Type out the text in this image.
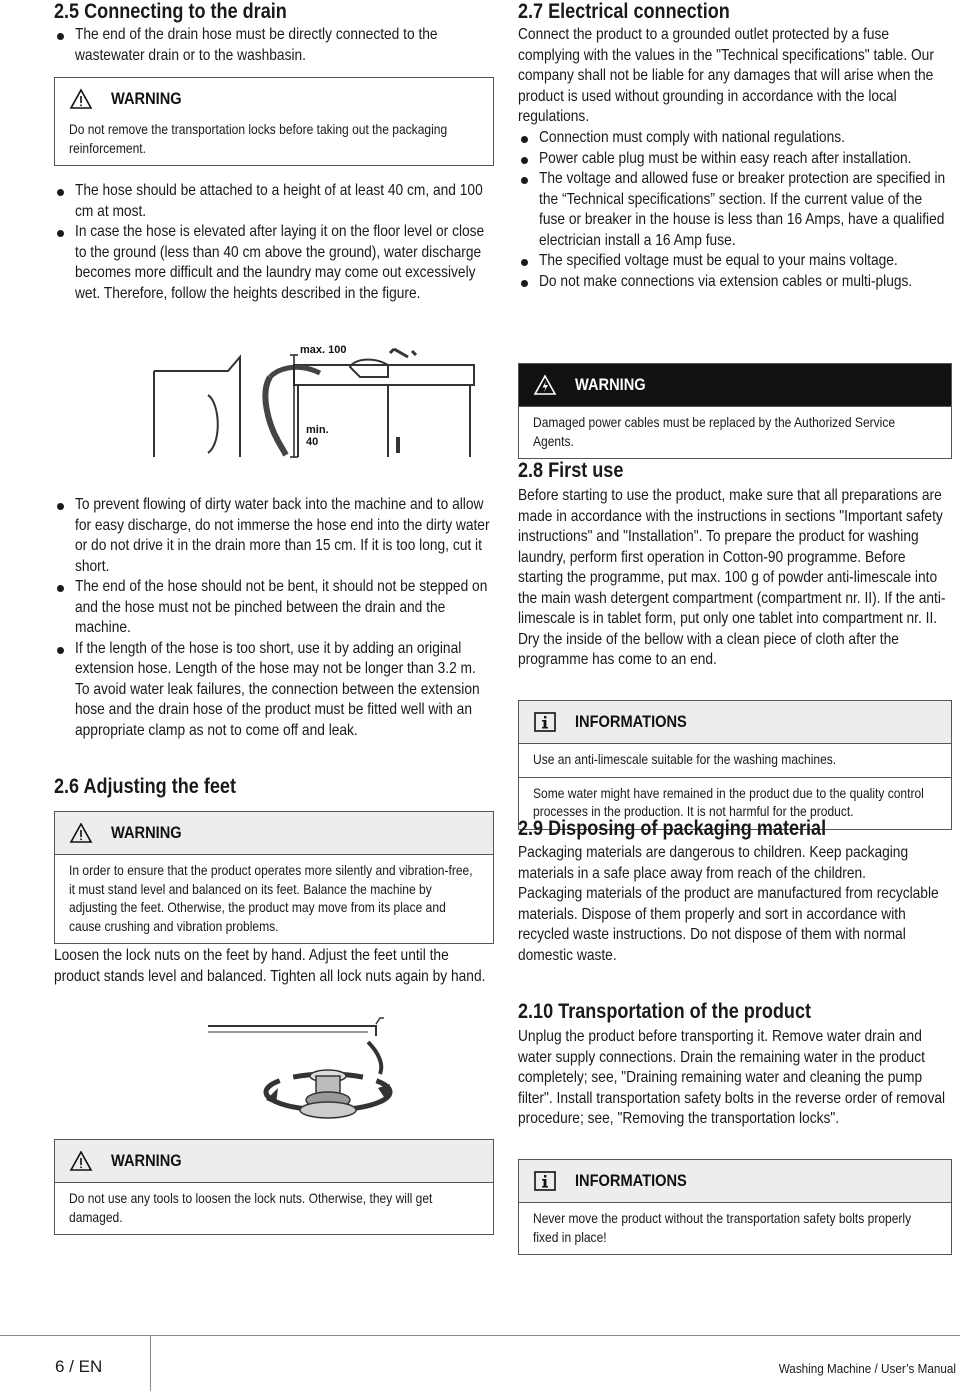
2.5 Connecting to the drain
The end of the drain hose must be directly connected to the wastewater drain or to the washbasin.
WARNING
Do not remove the transportation locks before taking out the packaging reinforcement.
The hose should be attached to a height of at least 40 cm, and 100 cm at most.
In case the hose is elevated after laying it on the floor level or close to the ground (less than 40 cm above the ground), water discharge becomes more difficult and the laundry may come out excessively wet. Therefore, follow the heights described in the figure.
max. 100
min.
40
To prevent flowing of dirty water back into the machine and to allow for easy discharge, do not immerse the hose end into the dirty water or do not drive it in the drain more than 15 cm. If it is too long, cut it short.
The end of the hose should not be bent, it should not be stepped on and the hose must not be pinched between the drain and the machine.
If the length of the hose is too short, use it by adding an original extension hose. Length of the hose may not be longer than 3.2 m. To avoid water leak failures, the connection between the extension hose and the drain hose of the product must be fitted well with an appropriate clamp as not to come off and leak.
2.6 Adjusting the feet
WARNING
In order to ensure that the product operates more silently and vibration-free, it must stand level and balanced on its feet. Balance the machine by adjusting the feet. Otherwise, the product may move from its place and cause crushing and vibration problems.

Loosen the lock nuts on the feet by hand. Adjust the feet until the product stands level and balanced. Tighten all lock nuts again by hand.

WARNING
Do not use any tools to loosen the lock nuts. Otherwise, they will get damaged.
2.7 Electrical connection

Connect the product to a grounded outlet protected by a fuse complying with the values in the "Technical specifications" table. Our company shall not be liable for any damages that will arise when the product is used without grounding in accordance with the local regulations.

Connection must comply with national regulations.
Power cable plug must be within easy reach after installation.
The voltage and allowed fuse or breaker protection are specified in the “Technical specifications” section. If the current value of the fuse or breaker in the house is less than 16 Amps, have a qualified electrician install a 16 Amp fuse.
The specified voltage must be equal to your mains voltage.
Do not make connections via extension cables or multi-plugs.
WARNING
Damaged power cables must be replaced by the Authorized Service Agents.
2.8 First use

Before starting to use the product, make sure that all preparations are made in accordance with the instructions in sections "Important safety instructions" and "Installation". To prepare the product for washing laundry, perform first operation in Cotton-90 programme. Before starting the programme, put max. 100 g of powder anti-limescale into the main wash detergent compartment (compartment nr. II). If the anti-limescale is in tablet form, put only one tablet into compartment nr. II. Dry the inside of the bellow with a clean piece of cloth after the programme has come to an end.

INFORMATIONS
Use an anti-limescale suitable for the washing machines.
Some water might have remained in the product due to the quality control processes in the production. It is not harmful for the product.
2.9 Disposing of packaging material

Packaging materials are dangerous to children. Keep packaging materials in a safe place away from reach of the children.

Packaging materials of the product are manufactured from recyclable materials. Dispose of them properly and sort in accordance with recycled waste instructions. Do not dispose of them with normal domestic waste.

2.10 Transportation of the product

Unplug the product before transporting it. Remove water drain and water supply connections. Drain the remaining water in the product completely; see, "Draining remaining water and cleaning the pump filter". Install transportation safety bolts in the reverse order of removal procedure; see, "Removing the transportation locks".

INFORMATIONS
Never move the product without the transportation safety bolts properly fixed in place!
6 / EN	Washing Machine / User’s Manual
